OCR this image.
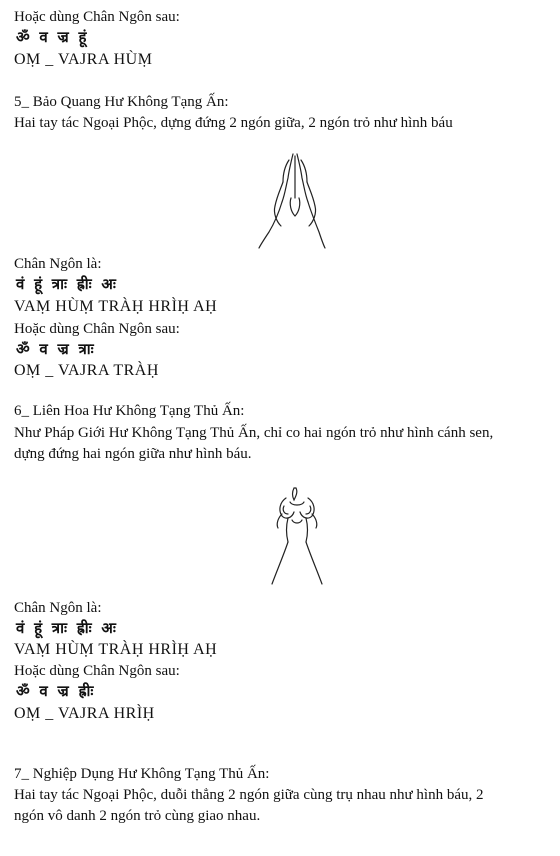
Hoặc dùng Chân Ngôn sau:
ॐ व ज्र हूं
OṂ _ VAJRA HÙṂ
5_ Bảo Quang Hư Không Tạng Ấn:
Hai tay tác Ngoại Phộc, dựng đứng 2 ngón giữa, 2 ngón trỏ như hình báu
Chân Ngôn là:
वं हूं त्राः ह्रीः अः
VAṂ HÙṂ TRÀḤ HRÌḤ AḤ
Hoặc dùng Chân Ngôn sau:
ॐ व ज्र त्राः
OṂ _ VAJRA TRÀḤ
6_ Liên Hoa Hư Không Tạng Thủ Ấn:
Như Pháp Giới Hư Không Tạng Thủ Ấn, chỉ co hai ngón trỏ như hình cánh sen,
dựng đứng hai ngón giữa như hình báu.
Chân Ngôn là:
वं हूं त्राः ह्रीः अः
VAṂ HÙṂ TRÀḤ HRÌḤ AḤ
Hoặc dùng Chân Ngôn sau:
ॐ व ज्र ह्रीः
OṂ _ VAJRA HRÌḤ
7_ Nghiệp Dụng Hư Không Tạng Thủ Ấn:
Hai tay tác Ngoại Phộc, duỗi thẳng 2 ngón giữa cùng trụ nhau như hình báu, 2
ngón vô danh 2 ngón trỏ cùng giao nhau.
